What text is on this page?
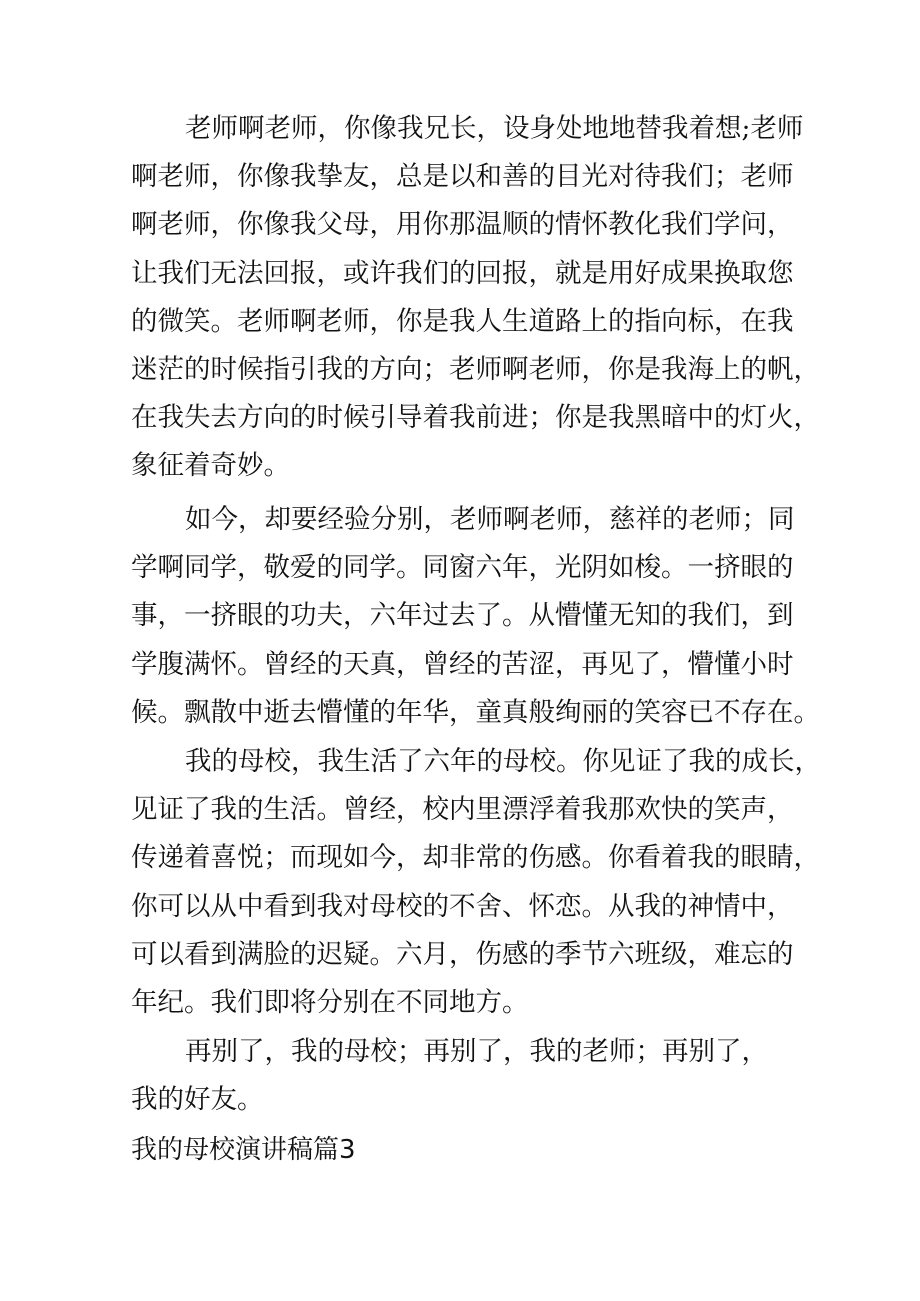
老师啊老师，你像我兄长，设身处地地替我着想;老师
啊老师，你像我挚友，总是以和善的目光对待我们；老师
啊老师，你像我父母，用你那温顺的情怀教化我们学问，
让我们无法回报，或许我们的回报，就是用好成果换取您
的微笑。老师啊老师，你是我人生道路上的指向标，在我
迷茫的时候指引我的方向；老师啊老师，你是我海上的帆，
在我失去方向的时候引导着我前进；你是我黑暗中的灯火，
象征着奇妙。
如今，却要经验分别，老师啊老师，慈祥的老师；同
学啊同学，敬爱的同学。同窗六年，光阴如梭。一挤眼的
事，一挤眼的功夫，六年过去了。从懵懂无知的我们，到
学腹满怀。曾经的天真，曾经的苦涩，再见了，懵懂小时
候。飘散中逝去懵懂的年华，童真般绚丽的笑容已不存在。
我的母校，我生活了六年的母校。你见证了我的成长，
见证了我的生活。曾经，校内里漂浮着我那欢快的笑声，
传递着喜悦；而现如今，却非常的伤感。你看着我的眼睛，
你可以从中看到我对母校的不舍、怀恋。从我的神情中，
可以看到满脸的迟疑。六月，伤感的季节六班级，难忘的
年纪。我们即将分别在不同地方。
再别了，我的母校；再别了，我的老师；再别了，
我的好友。
我的母校演讲稿篇3
